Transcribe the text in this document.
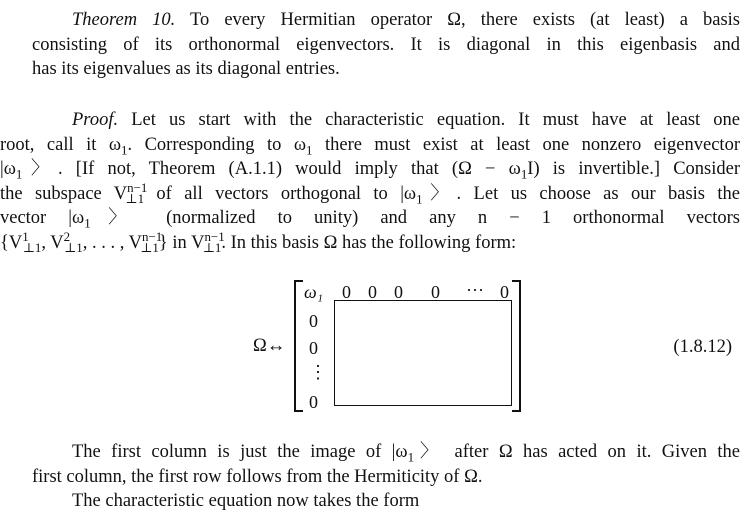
Theorem 10. To every Hermitian operator Ω, there exists (at least) a basis
consisting of its orthonormal eigenvectors. It is diagonal in this eigenbasis and
has its eigenvalues as its diagonal entries.
Proof. Let us start with the characteristic equation. It must have at least one
root, call it $\omega_1$. Corresponding to $\omega_1$ there must exist at least one nonzero eigenvector
$|\omega_1$〉. [If not, Theorem (A.1.1) would imply that $(\Omega - \omega_1I)$ is invertible.] Consider
the subspace $V^{n-1}_{\perp 1}$ of all vectors orthogonal to $|\omega_1$〉. Let us choose as our basis the
vector $|\omega_1$〉 (normalized to unity) and any n − 1 orthonormal vectors
{$V^1_{\perp 1}$, $V^2_{\perp 1}$, . . . , $V^{n-1}_{\perp 1}$} in $V^{n-1}_{\perp 1}$. In this basis Ω has the following form:
Ω↔
ω₁ 0 0 0 0 ··· 0
0
0
⋮
0
(1.8.12)
The first column is just the image of $|\omega_1$〉 after Ω has acted on it. Given the
first column, the first row follows from the Hermiticity of Ω.
The characteristic equation now takes the form
